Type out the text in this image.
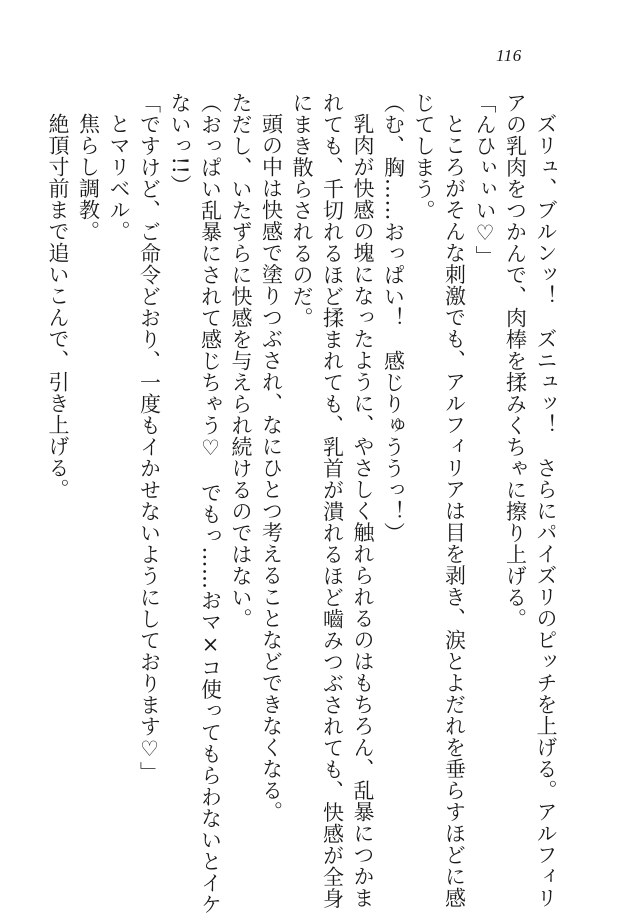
116
ズリュ、ブルンッ！　ズニュッ！　さらにパイズリのピッチを上げる。アルフィリ
アの乳肉をつかんで、肉棒を揉みくちゃに擦り上げる。
「んひぃぃい♡」
ところがそんな刺激でも、アルフィリアは目を剥き、涙とよだれを垂らすほどに感
じてしまう。
（む、胸……おっぱい！　感じりゅううっ！）
乳肉が快感の塊になったように、やさしく触れられるのはもちろん、乱暴につかま
れても、千切れるほど揉まれても、乳首が潰れるほど嚙みつぶされても、快感が全身
にまき散らされるのだ。
頭の中は快感で塗りつぶされ、なにひとつ考えることなどできなくなる。
ただし、いたずらに快感を与えられ続けるのではない。
（おっぱい乱暴にされて感じちゃう♡　でもっ……おマ×コ使ってもらわないとイケ
ないっ!!）
「ですけど、ご命令どおり、一度もイかせないようにしております♡」
とマリベル。
焦らし調教。
絶頂寸前まで追いこんで、引き上げる。
